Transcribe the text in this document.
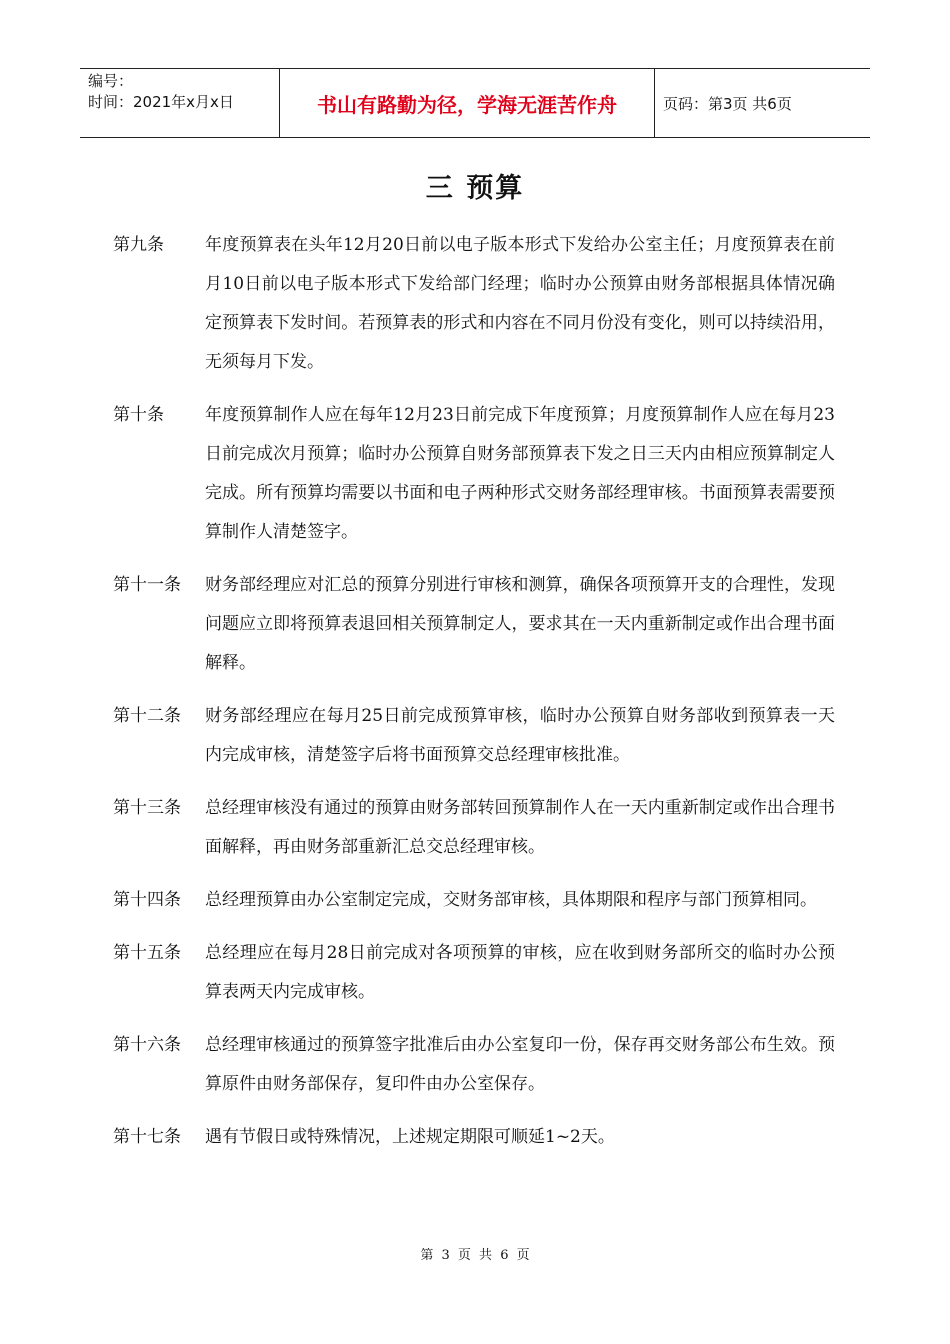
编号：
时间：2021年x月x日	书山有路勤为径，学海无涯苦作舟	页码：第3页 共6页
三 预算
第九条	年度预算表在头年12月20日前以电子版本形式下发给办公室主任；月度预算表在前月10日前以电子版本形式下发给部门经理；临时办公预算由财务部根据具体情况确定预算表下发时间。若预算表的形式和内容在不同月份没有变化，则可以持续沿用，无须每月下发。
第十条	年度预算制作人应在每年12月23日前完成下年度预算；月度预算制作人应在每月23日前完成次月预算；临时办公预算自财务部预算表下发之日三天内由相应预算制定人完成。所有预算均需要以书面和电子两种形式交财务部经理审核。书面预算表需要预算制作人清楚签字。
第十一条	财务部经理应对汇总的预算分别进行审核和测算，确保各项预算开支的合理性，发现问题应立即将预算表退回相关预算制定人，要求其在一天内重新制定或作出合理书面解释。
第十二条	财务部经理应在每月25日前完成预算审核，临时办公预算自财务部收到预算表一天内完成审核，清楚签字后将书面预算交总经理审核批准。
第十三条	总经理审核没有通过的预算由财务部转回预算制作人在一天内重新制定或作出合理书面解释，再由财务部重新汇总交总经理审核。
第十四条	总经理预算由办公室制定完成，交财务部审核，具体期限和程序与部门预算相同。
第十五条	总经理应在每月28日前完成对各项预算的审核，应在收到财务部所交的临时办公预算表两天内完成审核。
第十六条	总经理审核通过的预算签字批准后由办公室复印一份，保存再交财务部公布生效。预算原件由财务部保存，复印件由办公室保存。
第十七条	遇有节假日或特殊情况，上述规定期限可顺延1~2天。
第 3 页 共 6 页
